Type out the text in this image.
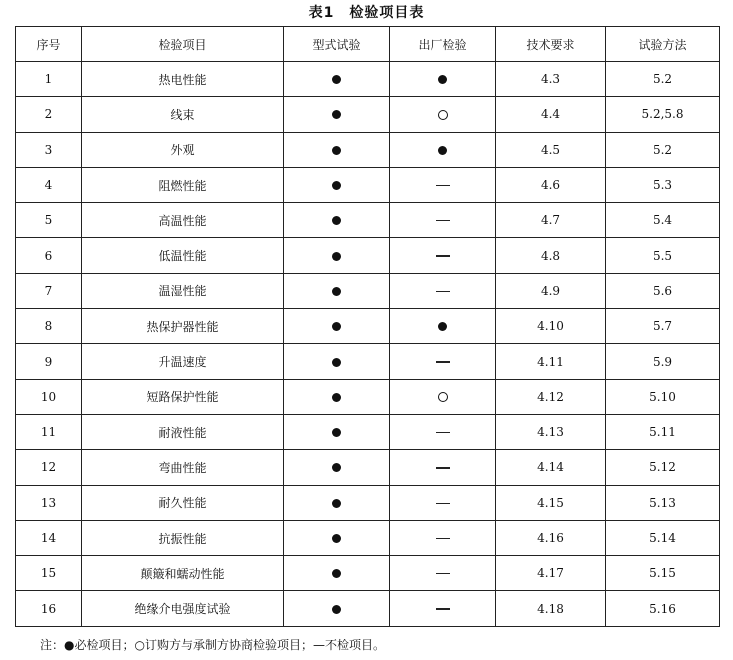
表1　检验项目表
序号	检验项目	型式试验	出厂检验	技术要求	试验方法
1	热电性能			4.3	5.2
2	线束			4.4	5.2,5.8
3	外观			4.5	5.2
4	阻燃性能			4.6	5.3
5	高温性能			4.7	5.4
6	低温性能			4.8	5.5
7	温湿性能			4.9	5.6
8	热保护器性能			4.10	5.7
9	升温速度			4.11	5.9
10	短路保护性能			4.12	5.10
11	耐液性能			4.13	5.11
12	弯曲性能			4.14	5.12
13	耐久性能			4.15	5.13
14	抗振性能			4.16	5.14
15	颠簸和蠕动性能			4.17	5.15
16	绝缘介电强度试验			4.18	5.16
注：●必检项目；○订购方与承制方协商检验项目；—不检项目。
